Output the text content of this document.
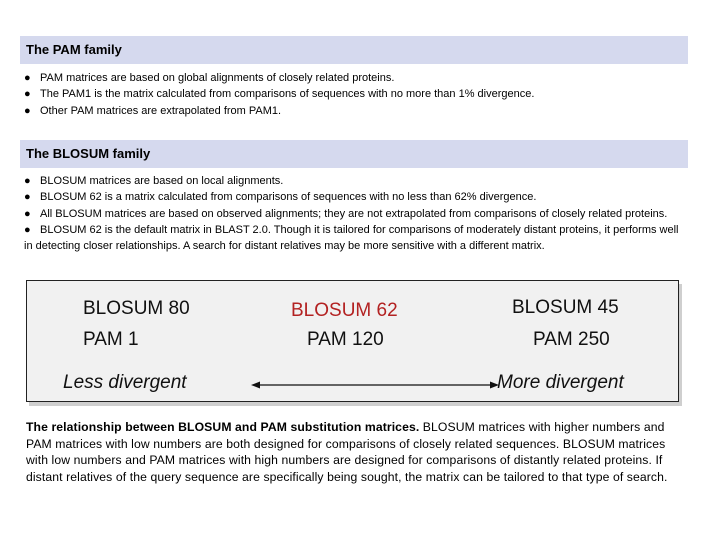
The PAM family
● PAM matrices are based on global alignments of closely related proteins.
● The PAM1 is the matrix calculated from comparisons of sequences with no more than 1% divergence.
● Other PAM matrices are extrapolated from PAM1.
The BLOSUM family
● BLOSUM matrices are based on local alignments.
● BLOSUM 62 is a matrix calculated from comparisons of sequences with no less than 62% divergence.
● All BLOSUM matrices are based on observed alignments; they are not extrapolated from comparisons of closely related proteins.
● BLOSUM 62 is the default matrix in BLAST 2.0. Though it is tailored for comparisons of moderately distant proteins, it performs well in detecting closer relationships. A search for distant relatives may be more sensitive with a different matrix.
BLOSUM 80	BLOSUM 62	BLOSUM 45
PAM 1	PAM 120	PAM 250
Less divergent	More divergent
The relationship between BLOSUM and PAM substitution matrices. BLOSUM matrices with higher numbers and PAM matrices with low numbers are both designed for comparisons of closely related sequences. BLOSUM matrices with low numbers and PAM matrices with high numbers are designed for comparisons of distantly related proteins. If distant relatives of the query sequence are specifically being sought, the matrix can be tailored to that type of search.
